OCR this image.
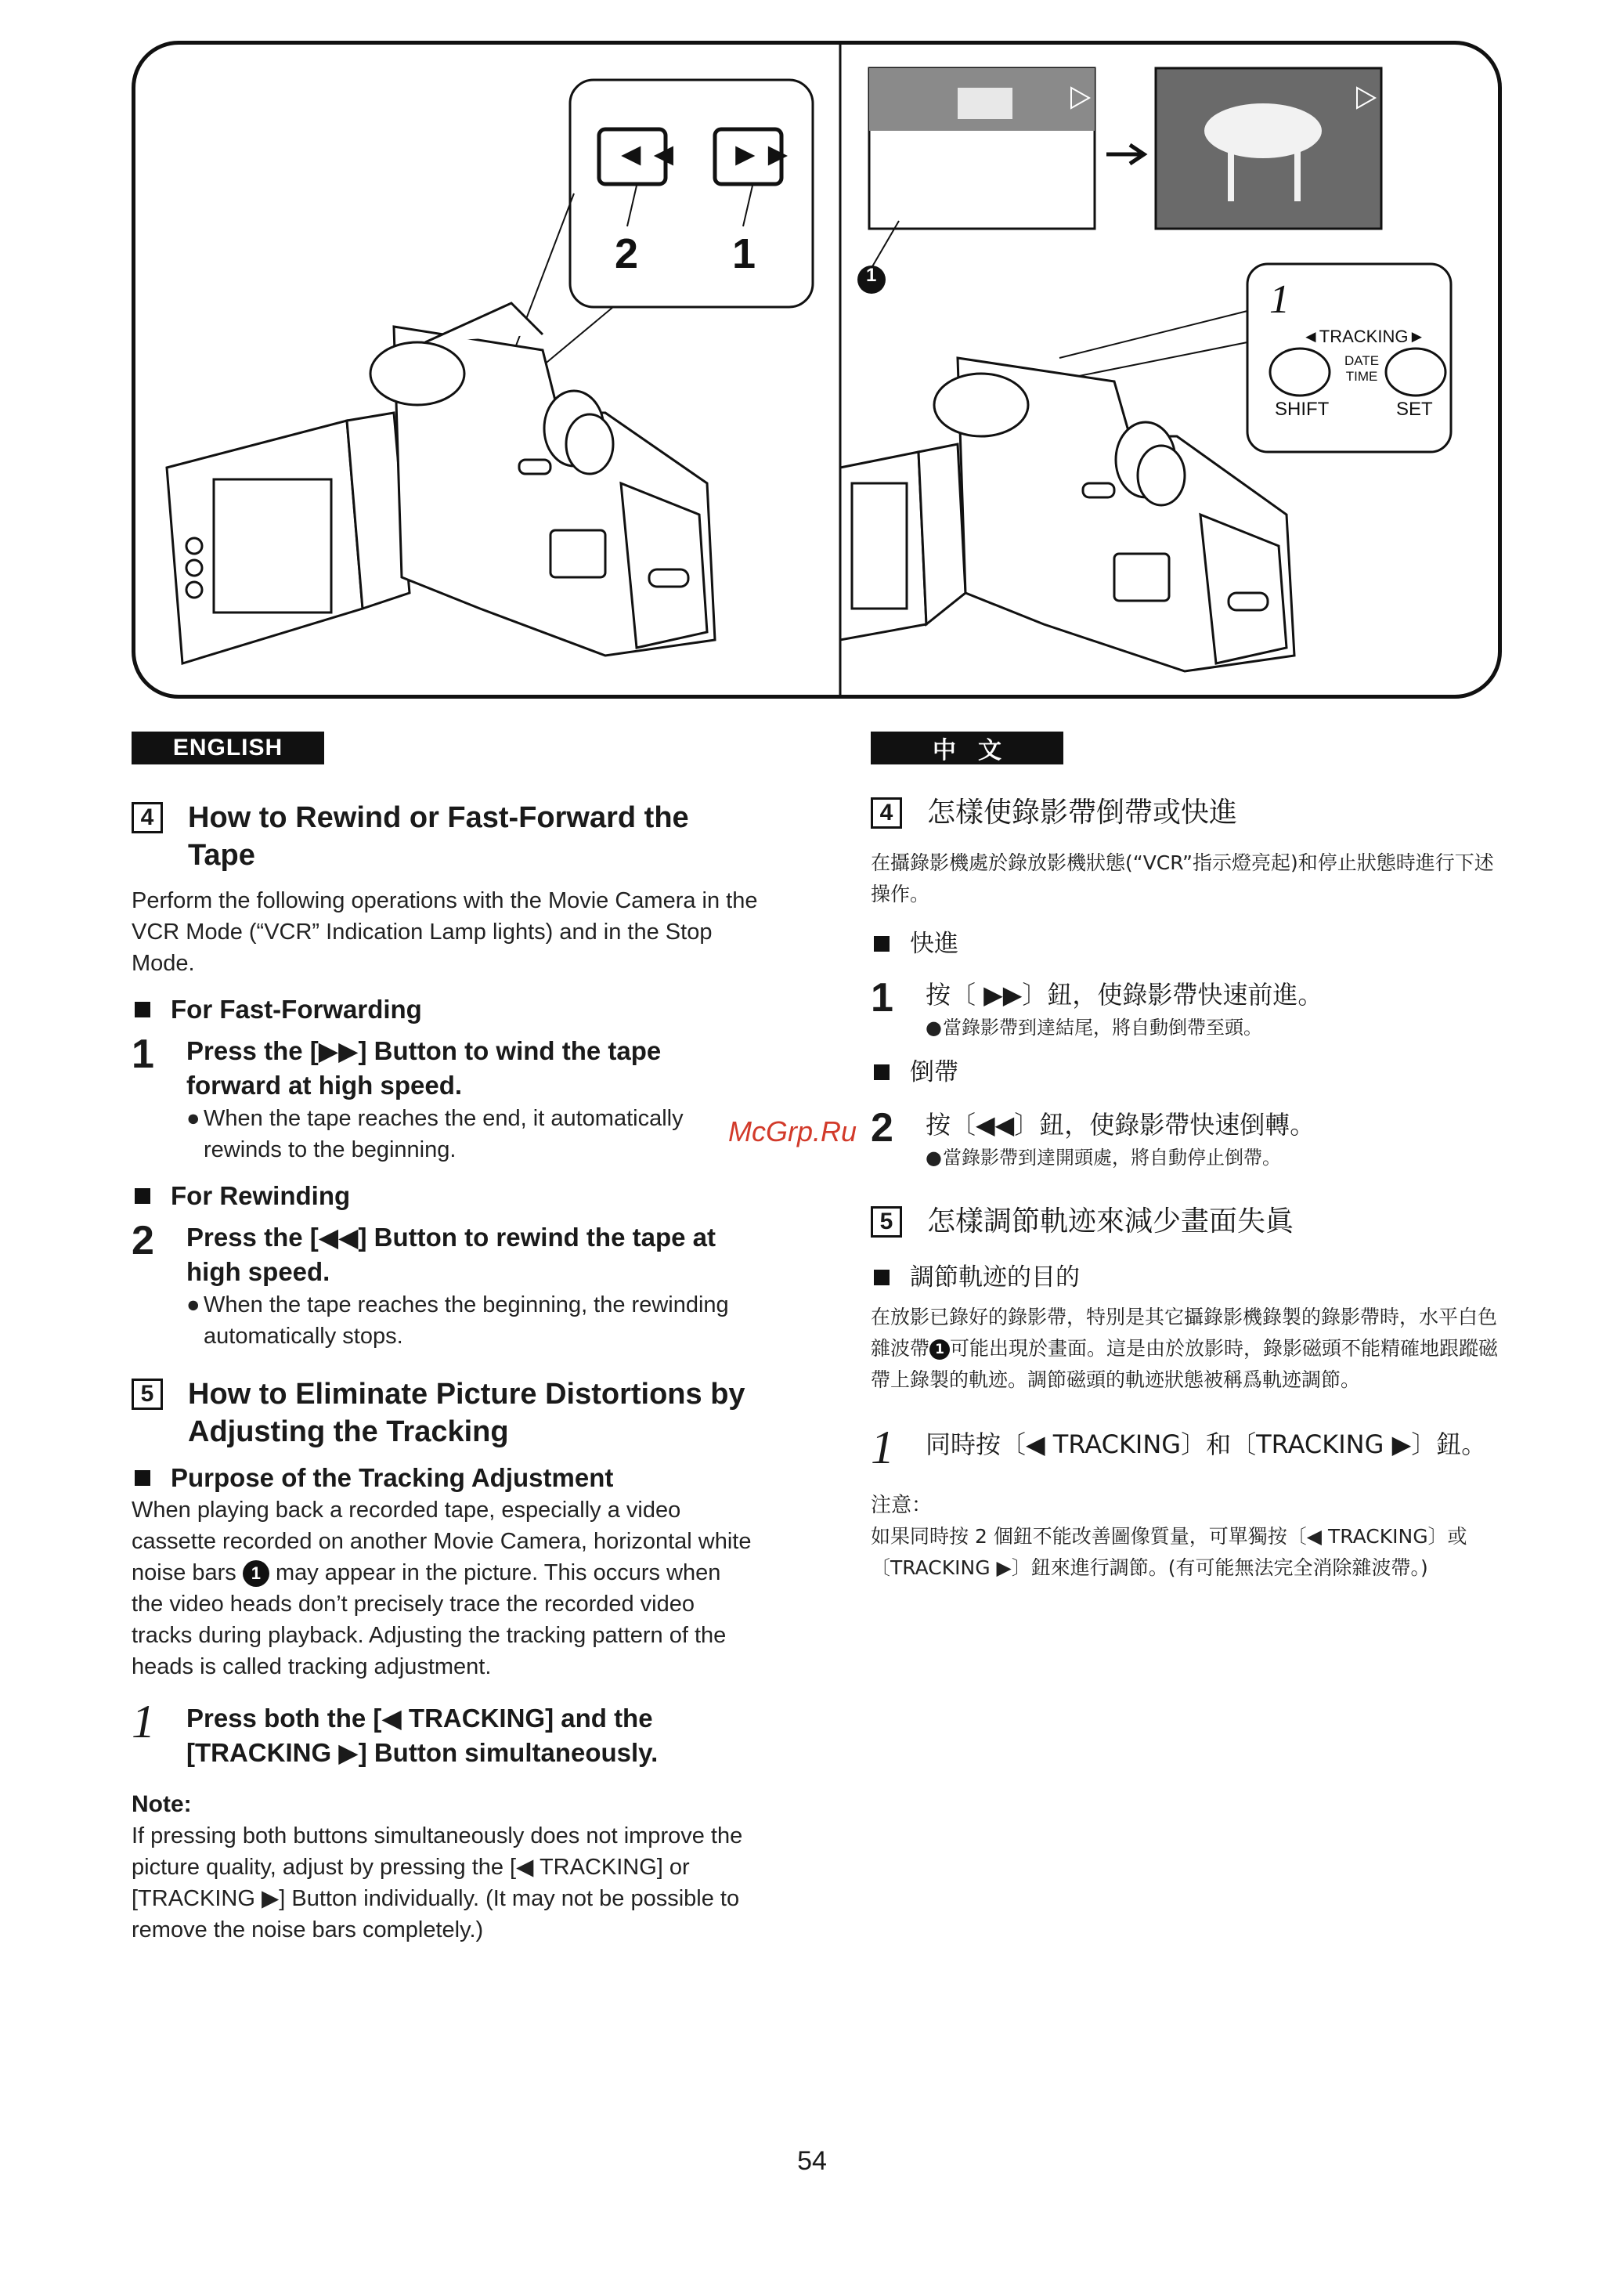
◄◄ ►►
2 1	1
1
◄TRACKING►
DATE
TIME
SHIFT	SET
ENGLISH
4	How to Rewind or Fast-Forward the Tape
Perform the following operations with the Movie Camera in the VCR Mode (“VCR” Indication Lamp lights) and in the Stop Mode.
For Fast-Forwarding
1	Press the [▶▶] Button to wind the tape forward at high speed.
● When the tape reaches the end, it automatically rewinds to the beginning.
For Rewinding
2	Press the [◀◀] Button to rewind the tape at high speed.
● When the tape reaches the beginning, the rewinding automatically stops.
5	How to Eliminate Picture Distortions by Adjusting the Tracking
Purpose of the Tracking Adjustment
When playing back a recorded tape, especially a video cassette recorded on another Movie Camera, horizontal white noise bars 1 may appear in the picture. This occurs when the video heads don’t precisely trace the recorded video tracks during playback. Adjusting the tracking pattern of the heads is called tracking adjustment.
1	Press both the [◀ TRACKING] and the [TRACKING ▶] Button simultaneously.
Note:
If pressing both buttons simultaneously does not improve the picture quality, adjust by pressing the [◀ TRACKING] or [TRACKING ▶] Button individually. (It may not be possible to remove the noise bars completely.)
中文
4	怎樣使錄影帶倒帶或快進
在攝錄影機處於錄放影機狀態(“VCR”指示燈亮起)和停止狀態時進行下述操作。
快進
1	按〔 ▶▶〕鈕，使錄影帶快速前進。
● 當錄影帶到達結尾，將自動倒帶至頭。
倒帶
2	按〔◀◀〕鈕，使錄影帶快速倒轉。
● 當錄影帶到達開頭處，將自動停止倒帶。
5	怎樣調節軌迹來減少畫面失眞
調節軌迹的目的
在放影已錄好的錄影帶，特別是其它攝錄影機錄製的錄影帶時，水平白色雜波帶 1 可能出現於畫面。這是由於放影時，錄影磁頭不能精確地跟蹤磁帶上錄製的軌迹。調節磁頭的軌迹狀態被稱爲軌迹調節。
1	同時按〔◀ TRACKING〕和〔TRACKING ▶〕鈕。
注意：
如果同時按 2 個鈕不能改善圖像質量，可單獨按〔◀ TRACKING〕或〔TRACKING ▶〕鈕來進行調節。(有可能無法完全消除雜波帶。)
McGrp.Ru
54
